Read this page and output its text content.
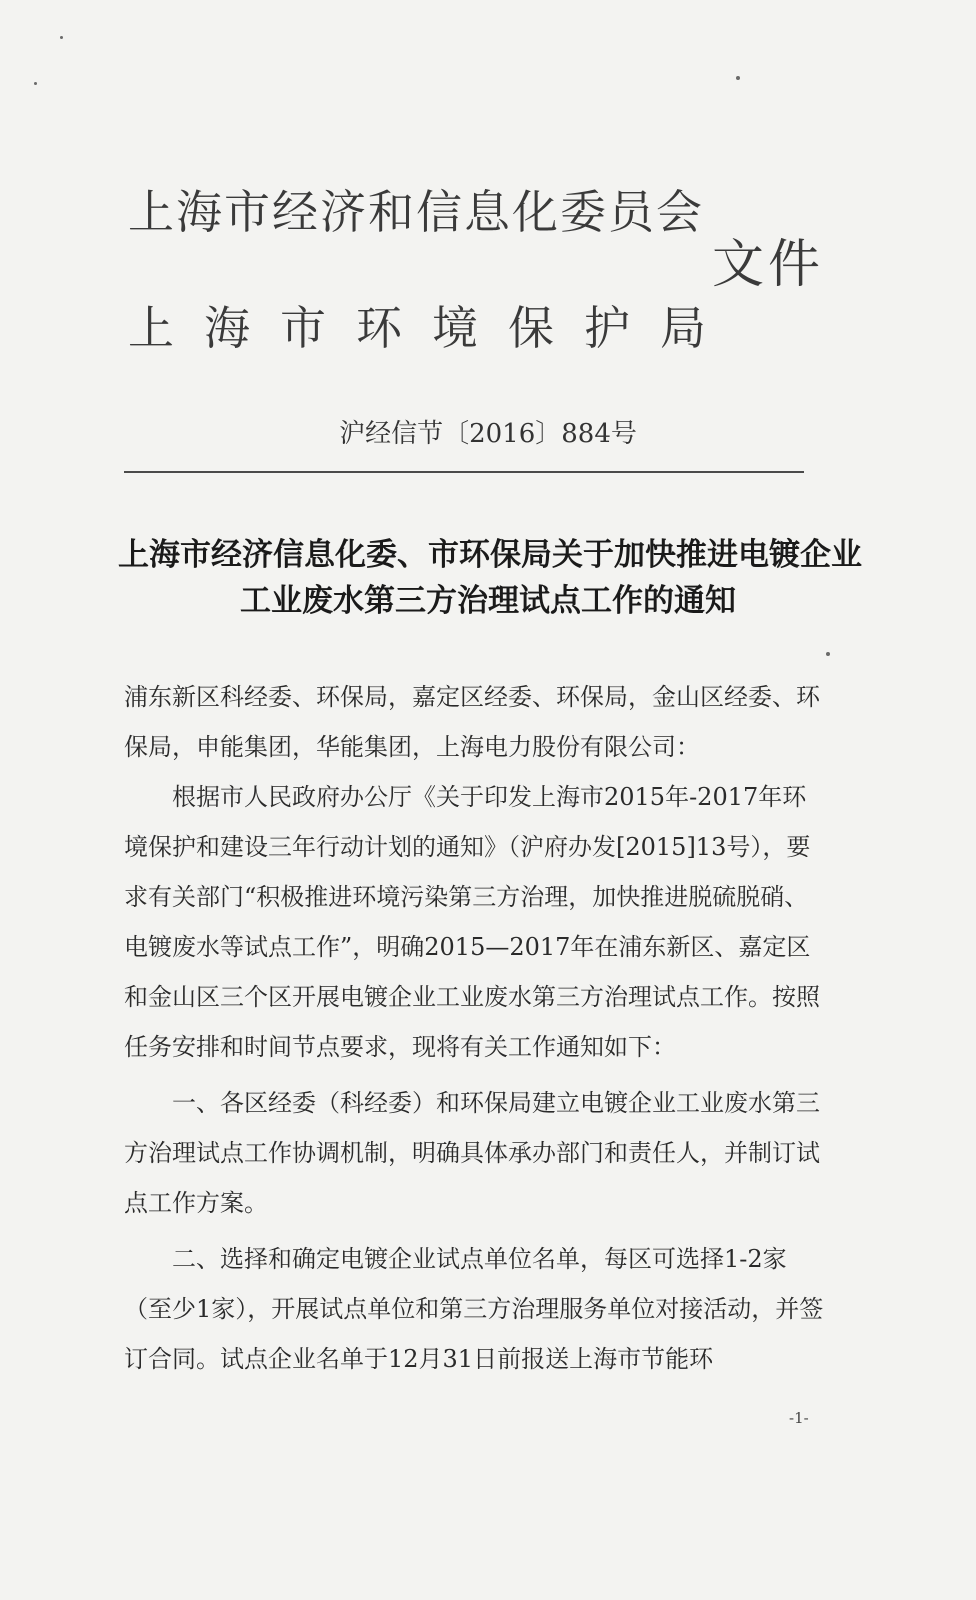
上海市经济和信息化委员会
文件
上海市环境保护局
沪经信节〔2016〕884号
上海市经济信息化委、市环保局关于加快推进电镀企业
工业废水第三方治理试点工作的通知

浦东新区科经委、环保局，嘉定区经委、环保局，金山区经委、环保局，申能集团，华能集团，上海电力股份有限公司：

根据市人民政府办公厅《关于印发上海市2015年-2017年环境保护和建设三年行动计划的通知》（沪府办发[2015]13号），要求有关部门“积极推进环境污染第三方治理，加快推进脱硫脱硝、电镀废水等试点工作”，明确2015—2017年在浦东新区、嘉定区和金山区三个区开展电镀企业工业废水第三方治理试点工作。按照任务安排和时间节点要求，现将有关工作通知如下：

一、各区经委（科经委）和环保局建立电镀企业工业废水第三方治理试点工作协调机制，明确具体承办部门和责任人，并制订试点工作方案。

二、选择和确定电镀企业试点单位名单，每区可选择1-2家（至少1家），开展试点单位和第三方治理服务单位对接活动，并签订合同。试点企业名单于12月31日前报送上海市节能环

-1-
